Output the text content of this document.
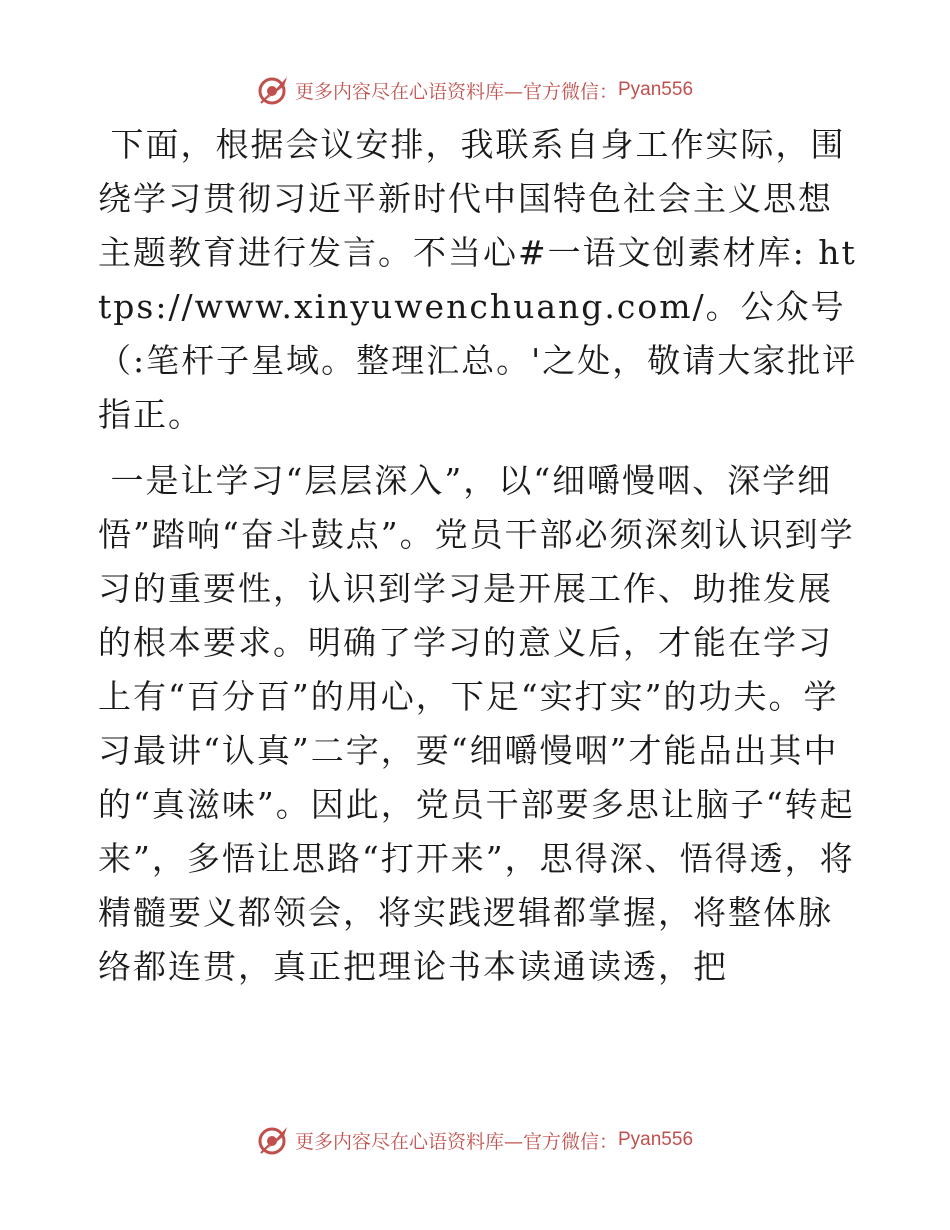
更多内容尽在心语资料库—官方微信： Pyan556

下面，根据会议安排，我联系自身工作实际，围绕学习贯彻习近平新时代中国特色社会主义思想主题教育进行发言。不当心#一语文创素材库: https://www.xinyuwenchuang.com/。公众号（:笔杆子星域。整理汇总。'之处，敬请大家批评指正。

一是让学习“层层深入”，以“细嚼慢咽、深学细悟”踏响“奋斗鼓点”。党员干部必须深刻认识到学习的重要性，认识到学习是开展工作、助推发展的根本要求。明确了学习的意义后，才能在学习上有“百分百”的用心，下足“实打实”的功夫。学习最讲“认真”二字，要“细嚼慢咽”才能品出其中的“真滋味”。因此，党员干部要多思让脑子“转起来”，多悟让思路“打开来”，思得深、悟得透，将精髓要义都领会，将实践逻辑都掌握，将整体脉络都连贯，真正把理论书本读通读透，把

更多内容尽在心语资料库—官方微信： Pyan556
